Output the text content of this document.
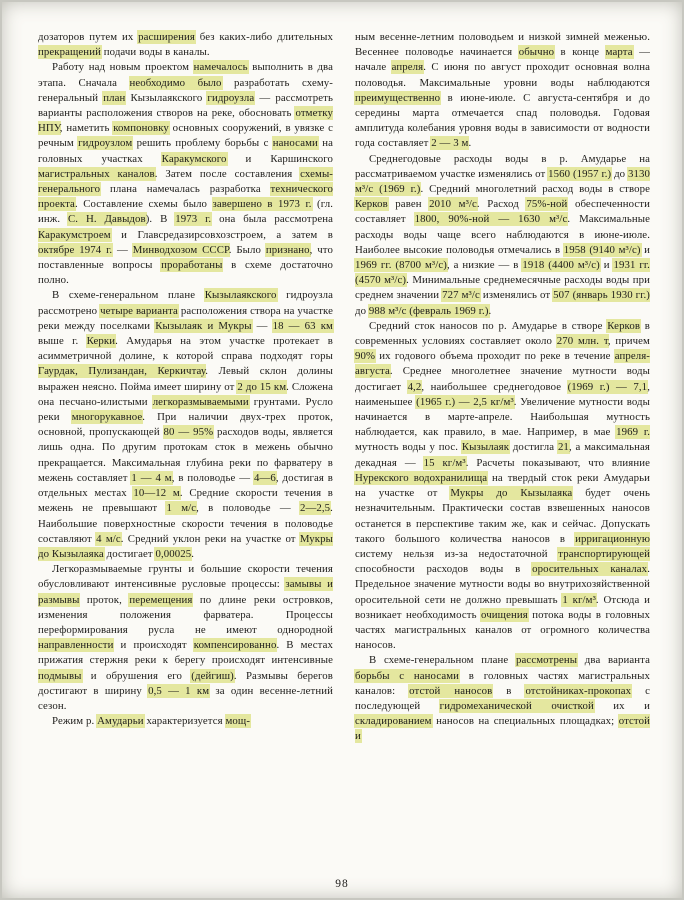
дозаторов путем их расширения без каких-либо длительных прекращений подачи воды в каналы.

Работу над новым проектом намечалось выполнить в два этапа. Сначала необходимо было разработать схему-генеральный план Кызылаякского гидроузла — рассмотреть варианты расположения створов на реке, обосновать отметку НПУ, наметить компоновку основных сооружений, в увязке с речным гидроузлом решить проблему борьбы с наносами на головных участках Каракумского и Каршинского магистральных каналов. Затем после составления схемы-генерального плана намечалась разработка технического проекта. Составление схемы было завершено в 1973 г. (гл. инж. С. Н. Давыдов). В 1973 г. она была рассмотрена Каракумстроем и Главсредазирсовхозстроем, а затем в октябре 1974 г. — Минводхозом СССР. Было признано, что поставленные вопросы проработаны в схеме достаточно полно.

В схеме-генеральном плане Кызылаякского гидроузла рассмотрено четыре варианта расположения створа на участке реки между поселками Кызылаяк и Мукры — 18 — 63 км выше г. Керки. Амударья на этом участке протекает в асимметричной долине, к которой справа подходят горы Гаурдак, Пулизандан, Керкичтау. Левый склон долины выражен неясно. Пойма имеет ширину от 2 до 15 км. Сложена она песчано-илистыми легкоразмываемыми грунтами. Русло реки многорукавное. При наличии двух-трех проток, основной, пропускающей 80 — 95% расходов воды, является лишь одна. По другим протокам сток в межень обычно прекращается. Максимальная глубина реки по фарватеру в межень составляет 1 — 4 м, в половодье — 4—6, достигая в отдельных местах 10—12 м. Средние скорости течения в межень не превышают 1 м/с, в половодье — 2—2,5. Наибольшие поверхностные скорости течения в половодье составляют 4 м/с. Средний уклон реки на участке от Мукры до Кызылаяка достигает 0,00025.

Легкоразмываемые грунты и большие скорости течения обусловливают интенсивные русловые процессы: замывы и размывы проток, перемещения по длине реки островков, изменения положения фарватера. Процессы переформирования русла не имеют однородной направленности и происходят компенсированно. В местах прижатия стержня реки к берегу происходят интенсивные подмывы и обрушения его (дейгиш). Размывы берегов достигают в ширину 0,5 — 1 км за один весенне-летний сезон.

Режим р. Амударьи характеризуется мощ-

ным весенне-летним половодьем и низкой зимней меженью. Весеннее половодье начинается обычно в конце марта — начале апреля. С июня по август проходит основная волна половодья. Максимальные уровни воды наблюдаются преимущественно в июне-июле. С августа-сентября и до середины марта отмечается спад половодья. Годовая амплитуда колебания уровня воды в зависимости от водности года составляет 2 — 3 м.

Среднегодовые расходы воды в р. Амударье на рассматриваемом участке изменялись от 1560 (1957 г.) до 3130 м³/с (1969 г.). Средний многолетний расход воды в створе Керков равен 2010 м³/с. Расход 75%-ной обеспеченности составляет 1800, 90%-ной — 1630 м³/с. Максимальные расходы воды чаще всего наблюдаются в июне-июле. Наиболее высокие половодья отмечались в 1958 (9140 м³/с) и 1969 гг. (8700 м³/с), а низкие — в 1918 (4400 м³/с) и 1931 гг. (4570 м³/с). Минимальные среднемесячные расходы воды при среднем значении 727 м³/с изменялись от 507 (январь 1930 гг.) до 988 м³/с (февраль 1969 г.).

Средний сток наносов по р. Амударье в створе Керков в современных условиях составляет около 270 млн. т, причем 90% их годового объема проходит по реке в течение апреля-августа. Среднее многолетнее значение мутности воды достигает 4,2, наибольшее среднегодовое (1969 г.) — 7,1, наименьшее (1965 г.) — 2,5 кг/м³. Увеличение мутности воды начинается в марте-апреле. Наибольшая мутность наблюдается, как правило, в мае. Например, в мае 1969 г. мутность воды у пос. Кызылаяк достигла 21, а максимальная декадная — 15 кг/м³. Расчеты показывают, что влияние Нурекского водохранилища на твердый сток реки Амударьи на участке от Мукры до Кызылаяка будет очень незначительным. Практически состав взвешенных наносов останется в перспективе таким же, как и сейчас. Допускать такого большого количества наносов в ирригационную систему нельзя из-за недостаточной транспортирующей способности расходов воды в оросительных каналах. Предельное значение мутности воды во внутрихозяйственной оросительной сети не должно превышать 1 кг/м³. Отсюда и возникает необходимость очищения потока воды в головных частях магистральных каналов от огромного количества наносов.

В схеме-генеральном плане рассмотрены два варианта борьбы с наносами в головных частях магистральных каналов: отстой наносов в отстойниках-прокопах с последующей гидромеханической очисткой их и складированием наносов на специальных площадках; отстой и

98
